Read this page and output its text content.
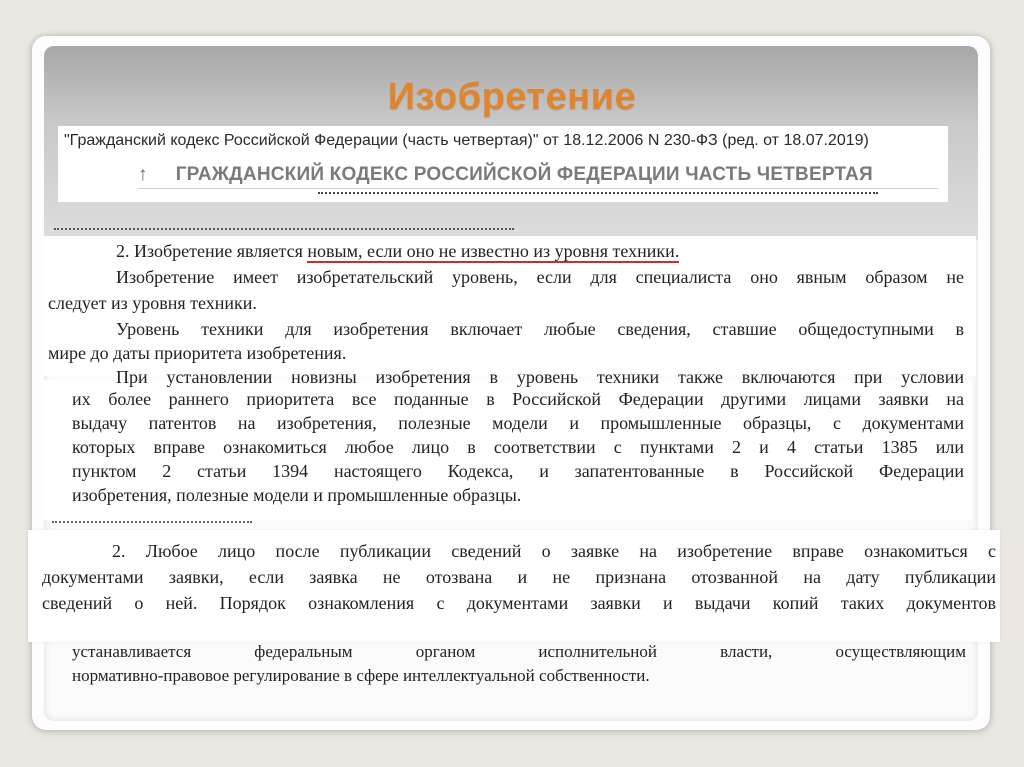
Изобретение
"Гражданский кодекс Российской Федерации (часть четвертая)" от 18.12.2006 N 230-ФЗ (ред. от 18.07.2019)
↑ ГРАЖДАНСКИЙ КОДЕКС РОССИЙСКОЙ ФЕДЕРАЦИИ ЧАСТЬ ЧЕТВЕРТАЯ
2. Изобретение является новым, если оно не известно из уровня техники.
Изобретение имеет изобретательский уровень, если для специалиста оно явным образом не
следует из уровня техники.
Уровень техники для изобретения включает любые сведения, ставшие общедоступными в
мире до даты приоритета изобретения.
При установлении новизны изобретения в уровень техники также включаются при условии
их более раннего приоритета все поданные в Российской Федерации другими лицами заявки на
выдачу патентов на изобретения, полезные модели и промышленные образцы, с документами
которых вправе ознакомиться любое лицо в соответствии с пунктами 2 и 4 статьи 1385 или
пунктом 2 статьи 1394 настоящего Кодекса, и запатентованные в Российской Федерации
изобретения, полезные модели и промышленные образцы.
2. Любое лицо после публикации сведений о заявке на изобретение вправе ознакомиться с
документами заявки, если заявка не отозвана и не признана отозванной на дату публикации
сведений о ней. Порядок ознакомления с документами заявки и выдачи копий таких документов
устанавливается федеральным органом исполнительной власти, осуществляющим
нормативно-правовое регулирование в сфере интеллектуальной собственности.
